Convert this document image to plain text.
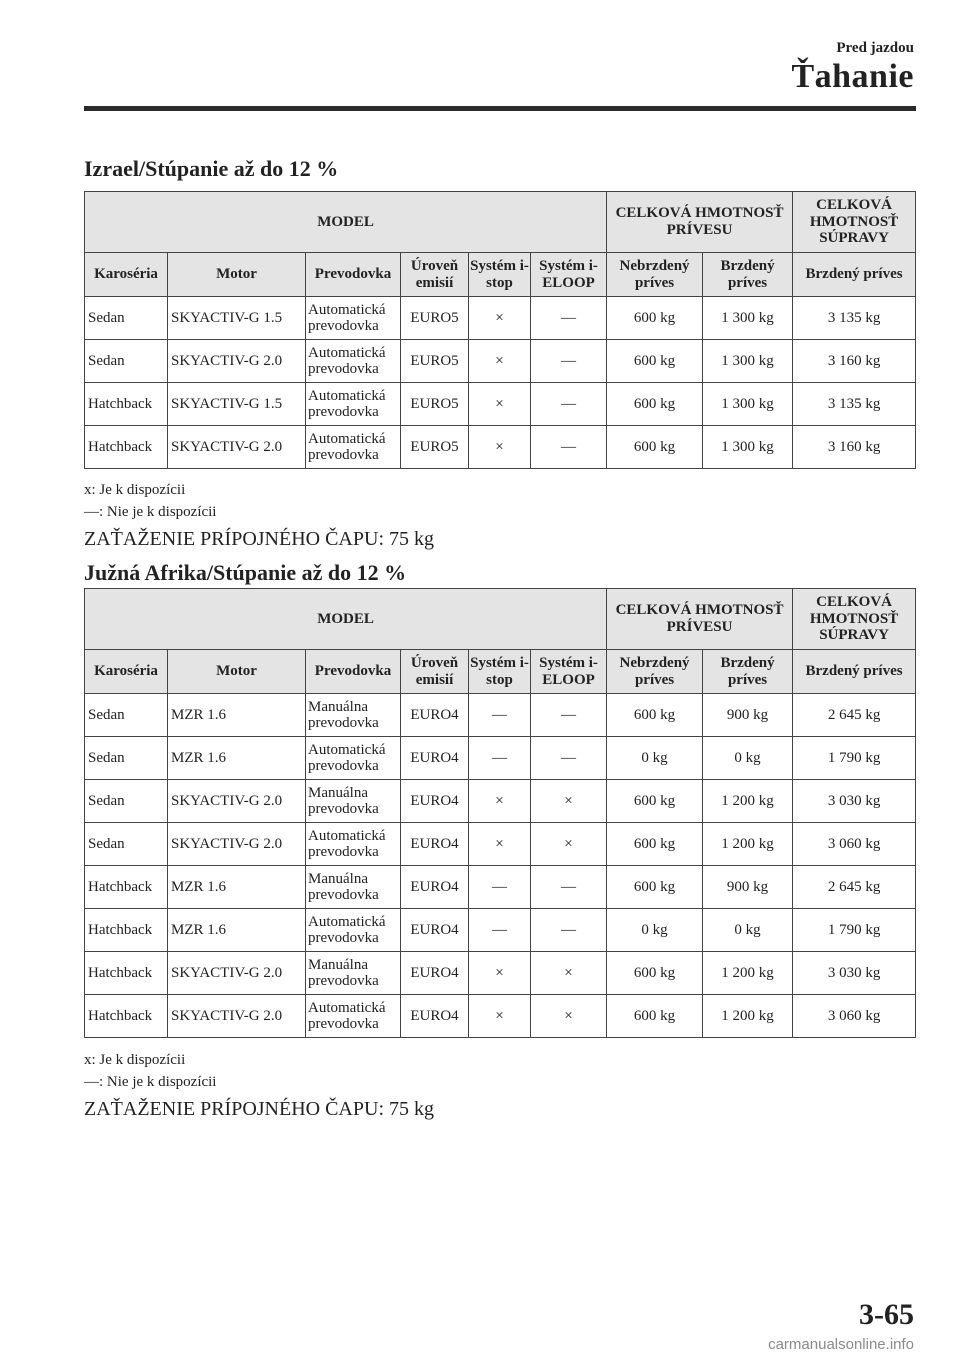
Pred jazdou
Ťahanie
Izrael/Stúpanie až do 12 %
MODEL						CELKOVÁ HMOTNOSŤ PRÍVESU		CELKOVÁ HMOTNOSŤ SÚPRAVY
Karoséria	Motor	Prevodovka	Úroveň emisií	Systém i-stop	Systém i-ELOOP	Nebrzdený príves	Brzdený príves	Brzdený príves
Sedan	SKYACTIV-G 1.5	Automatická prevodovka	EURO5	×	—	600 kg	1 300 kg	3 135 kg
Sedan	SKYACTIV-G 2.0	Automatická prevodovka	EURO5	×	—	600 kg	1 300 kg	3 160 kg
Hatchback	SKYACTIV-G 1.5	Automatická prevodovka	EURO5	×	—	600 kg	1 300 kg	3 135 kg
Hatchback	SKYACTIV-G 2.0	Automatická prevodovka	EURO5	×	—	600 kg	1 300 kg	3 160 kg
x: Je k dispozícii
—: Nie je k dispozícii
ZAŤAŽENIE PRÍPOJNÉHO ČAPU: 75 kg
Južná Afrika/Stúpanie až do 12 %
MODEL						CELKOVÁ HMOTNOSŤ PRÍVESU		CELKOVÁ HMOTNOSŤ SÚPRAVY
Karoséria	Motor	Prevodovka	Úroveň emisií	Systém i-stop	Systém i-ELOOP	Nebrzdený príves	Brzdený príves	Brzdený príves
Sedan	MZR 1.6	Manuálna prevodovka	EURO4	—	—	600 kg	900 kg	2 645 kg
Sedan	MZR 1.6	Automatická prevodovka	EURO4	—	—	0 kg	0 kg	1 790 kg
Sedan	SKYACTIV-G 2.0	Manuálna prevodovka	EURO4	×	×	600 kg	1 200 kg	3 030 kg
Sedan	SKYACTIV-G 2.0	Automatická prevodovka	EURO4	×	×	600 kg	1 200 kg	3 060 kg
Hatchback	MZR 1.6	Manuálna prevodovka	EURO4	—	—	600 kg	900 kg	2 645 kg
Hatchback	MZR 1.6	Automatická prevodovka	EURO4	—	—	0 kg	0 kg	1 790 kg
Hatchback	SKYACTIV-G 2.0	Manuálna prevodovka	EURO4	×	×	600 kg	1 200 kg	3 030 kg
Hatchback	SKYACTIV-G 2.0	Automatická prevodovka	EURO4	×	×	600 kg	1 200 kg	3 060 kg
x: Je k dispozícii
—: Nie je k dispozícii
ZAŤAŽENIE PRÍPOJNÉHO ČAPU: 75 kg
3-65
carmanualsonline.info
